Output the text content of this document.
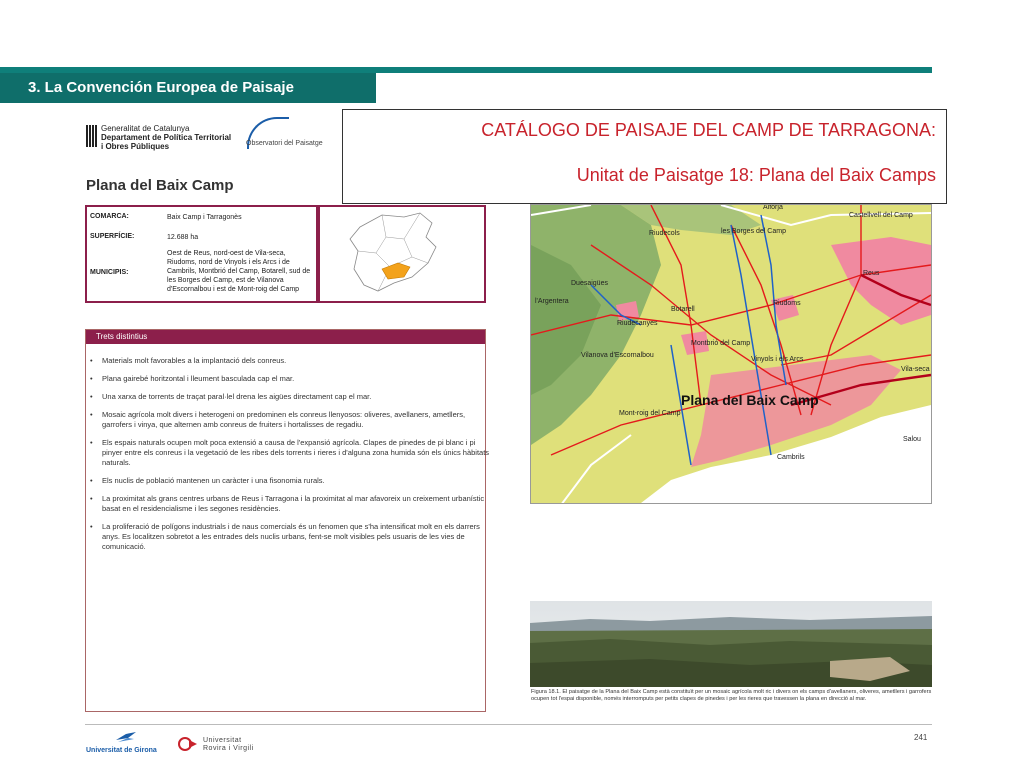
3. La Convención Europea de Paisaje
Generalitat de Catalunya
Departament de Política Territorial
i Obres Públiques	Observatori del Paisatge
Plana del Baix Camp
CATÁLOGO DE PAISAJE DEL CAMP DE TARRAGONA:
Unitat de Paisatge 18: Plana del Baix Camps
COMARCA:	Baix Camp i Tarragonès
SUPERFÍCIE:	12.688 ha
MUNICIPIS:
Oest de Reus, nord-oest de Vila-seca, Riudoms, nord de Vinyols i els Arcs i de Cambrils, Montbrió del Camp, Botarell, sud de les Borges del Camp, est de Vilanova d'Escornalbou i est de Mont-roig del Camp
Trets distintius
• Materials molt favorables a la implantació dels conreus.
• Plana gairebé horitzontal i lleument basculada cap el mar.
• Una xarxa de torrents de traçat paral·lel drena les aigües directament cap el mar.
• Mosaic agrícola molt divers i heterogeni on predominen els conreus llenyosos: oliveres, avellaners, ametllers, garrofers i vinya, que alternen amb conreus de fruiters i hortalisses de regadiu.
• Els espais naturals ocupen molt poca extensió a causa de l'expansió agrícola. Clapes de pinedes de pi blanc i pi pinyer entre els conreus i la vegetació de les ribes dels torrents i rieres i d'alguna zona humida són els únics hàbitats naturals.
• Els nuclis de població mantenen un caràcter i una fisonomia rurals.
• La proximitat als grans centres urbans de Reus i Tarragona i la proximitat al mar afavoreix un creixement urbanístic basat en el residencialisme i les segones residències.
• La proliferació de polígons industrials i de naus comercials és un fenomen que s'ha intensificat molt en els darrers anys. Es localitzen sobretot a les entrades dels nuclis urbans, fent-se molt visibles pels usuaris de les vies de comunicació.
Riudecols	les Borges del Camp
Castellvell del Camp
Reus
Duesaigües
l'Argentera
Botarell
Riudoms
Riudecanyes
Vilanova d'Escornalbou
Montbrió del Camp
Vinyols i els Arcs
Vila-seca
Mont-roig del Camp
Salou
Cambrils
Alforja
Plana del Baix Camp
Figura 18.1. El paisatge de la Plana del Baix Camp està constituït per un mosaic agrícola molt ric i divers on els camps d'avellaners, oliveres, ametllers i garrofers ocupen tot l'espai disponible, només interromputs per petits clapes de pinedes i per les rieres que travessen la plana en direcció al mar.
Universitat de Girona
Universitat
Rovira i Virgili
241
